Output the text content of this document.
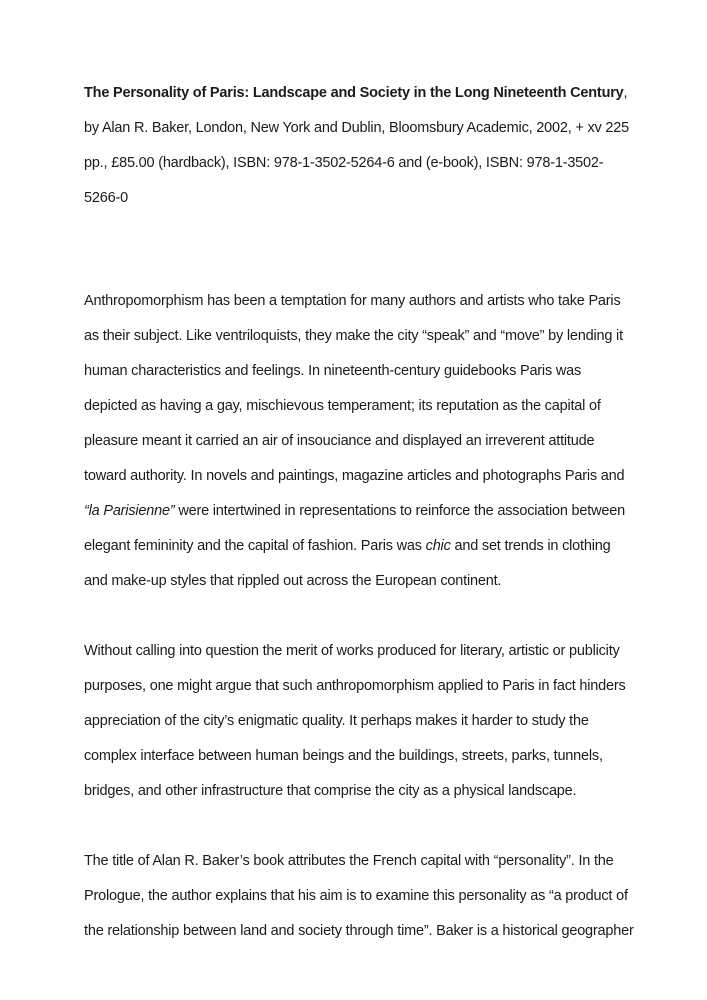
The Personality of Paris: Landscape and Society in the Long Nineteenth Century, by Alan R. Baker, London, New York and Dublin, Bloomsbury Academic, 2002, + xv 225 pp., £85.00 (hardback), ISBN: 978-1-3502-5264-6 and (e-book), ISBN: 978-1-3502-5266-0

Anthropomorphism has been a temptation for many authors and artists who take Paris as their subject. Like ventriloquists, they make the city “speak” and “move” by lending it human characteristics and feelings. In nineteenth-century guidebooks Paris was depicted as having a gay, mischievous temperament; its reputation as the capital of pleasure meant it carried an air of insouciance and displayed an irreverent attitude toward authority. In novels and paintings, magazine articles and photographs Paris and “la Parisienne” were intertwined in representations to reinforce the association between elegant femininity and the capital of fashion. Paris was chic and set trends in clothing and make-up styles that rippled out across the European continent.

Without calling into question the merit of works produced for literary, artistic or publicity purposes, one might argue that such anthropomorphism applied to Paris in fact hinders appreciation of the city’s enigmatic quality. It perhaps makes it harder to study the complex interface between human beings and the buildings, streets, parks, tunnels, bridges, and other infrastructure that comprise the city as a physical landscape.

The title of Alan R. Baker’s book attributes the French capital with “personality”. In the Prologue, the author explains that his aim is to examine this personality as “a product of the relationship between land and society through time”. Baker is a historical geographer
